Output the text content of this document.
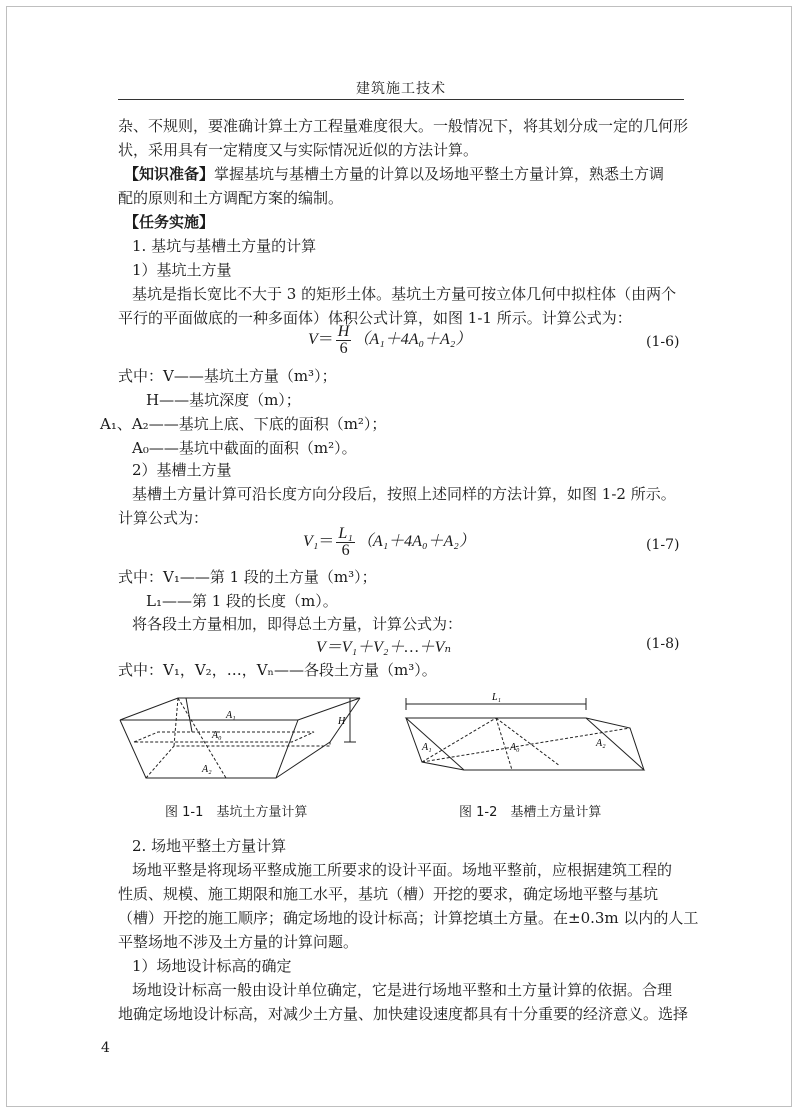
建筑施工技术
杂、不规则，要准确计算土方工程量难度很大。一般情况下，将其划分成一定的几何形
状，采用具有一定精度又与实际情况近似的方法计算。
【知识准备】掌握基坑与基槽土方量的计算以及场地平整土方量计算，熟悉土方调
配的原则和土方调配方案的编制。
【任务实施】
1. 基坑与基槽土方量的计算
1）基坑土方量
基坑是指长宽比不大于 3 的矩形土体。基坑土方量可按立体几何中拟柱体（由两个
平行的平面做底的一种多面体）体积公式计算，如图 1-1 所示。计算公式为：
$V= \frac{H}{6} (A_1+4A_0+A_2)$	(1-6)
式中：V——基坑土方量（m³）；
H——基坑深度（m）；
A₁、A₂——基坑上底、下底的面积（m²）；
A₀——基坑中截面的面积（m²）。
2）基槽土方量
基槽土方量计算可沿长度方向分段后，按照上述同样的方法计算，如图 1-2 所示。
计算公式为：
$V_1= \frac{\text{L₁}}{6} (A_1+4A_0+A_2)$	(1-7)
式中：V₁——第 1 段的土方量（m³）；
L₁——第 1 段的长度（m）。
将各段土方量相加，即得总土方量，计算公式为：
V＝V₁＋V₂＋…＋Vₙ	(1-8)
式中：V₁，V₂，…，Vₙ——各段土方量（m³）。
A₁
A₀
A₂
H
图 1-1　基坑土方量计算
L₁
A₁	A₀	A₂
图 1-2　基槽土方量计算
2. 场地平整土方量计算
场地平整是将现场平整成施工所要求的设计平面。场地平整前，应根据建筑工程的
性质、规模、施工期限和施工水平，基坑（槽）开挖的要求，确定场地平整与基坑
（槽）开挖的施工顺序；确定场地的设计标高；计算挖填土方量。在±0.3m 以内的人工
平整场地不涉及土方量的计算问题。
1）场地设计标高的确定
场地设计标高一般由设计单位确定，它是进行场地平整和土方量计算的依据。合理
地确定场地设计标高，对减少土方量、加快建设速度都具有十分重要的经济意义。选择
4
